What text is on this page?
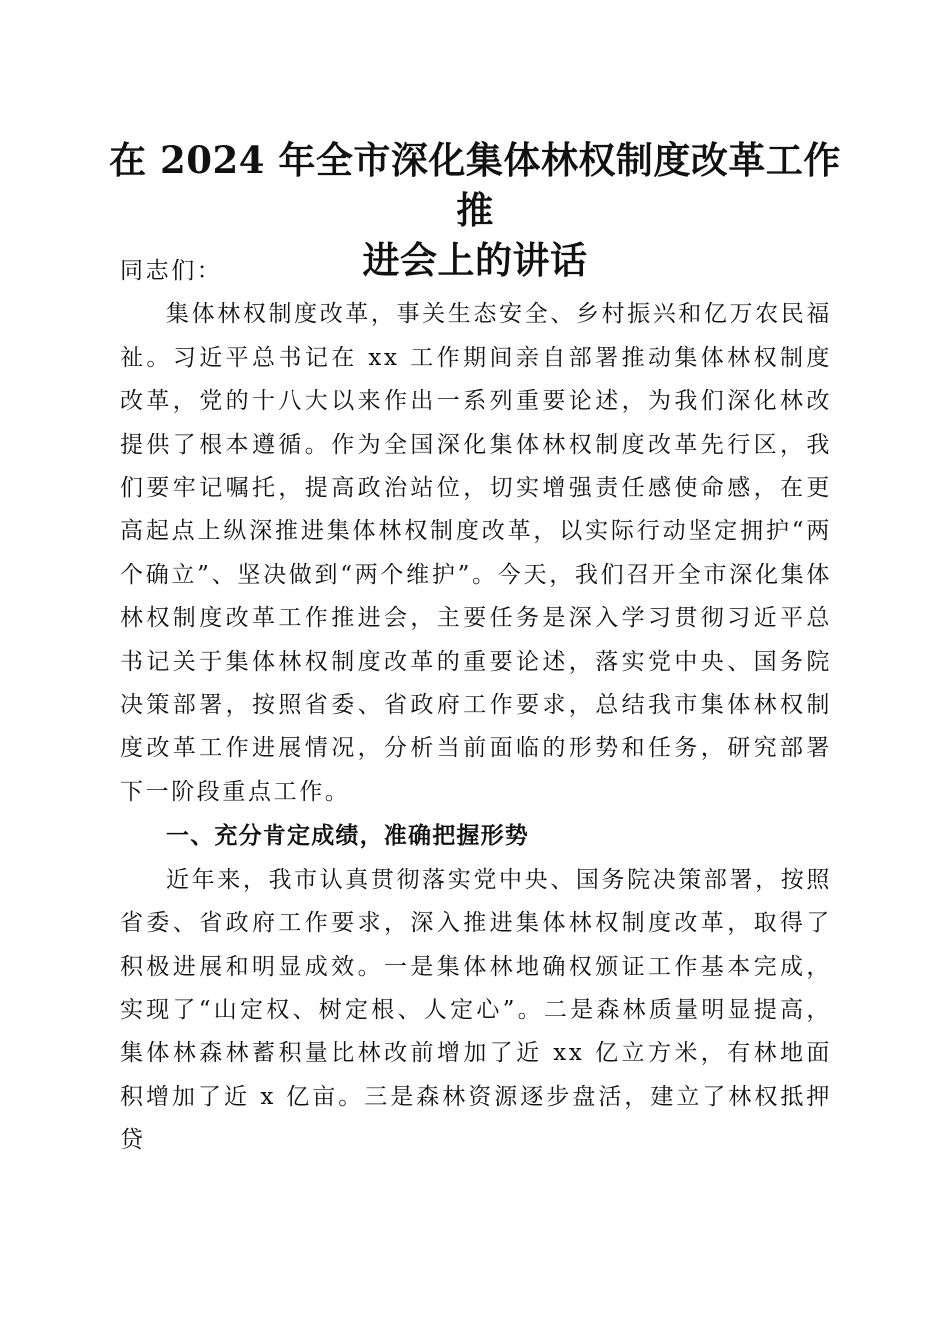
在 2024 年全市深化集体林权制度改革工作推
进会上的讲话

同志们：

集体林权制度改革，事关生态安全、乡村振兴和亿万农民福祉。习近平总书记在 xx 工作期间亲自部署推动集体林权制度改革，党的十八大以来作出一系列重要论述，为我们深化林改提供了根本遵循。作为全国深化集体林权制度改革先行区，我们要牢记嘱托，提高政治站位，切实增强责任感使命感，在更高起点上纵深推进集体林权制度改革，以实际行动坚定拥护“两个确立”、坚决做到“两个维护”。今天，我们召开全市深化集体林权制度改革工作推进会，主要任务是深入学习贯彻习近平总书记关于集体林权制度改革的重要论述，落实党中央、国务院决策部署，按照省委、省政府工作要求，总结我市集体林权制度改革工作进展情况，分析当前面临的形势和任务，研究部署下一阶段重点工作。

一、充分肯定成绩，准确把握形势

近年来，我市认真贯彻落实党中央、国务院决策部署，按照省委、省政府工作要求，深入推进集体林权制度改革，取得了积极进展和明显成效。一是集体林地确权颁证工作基本完成，实现了“山定权、树定根、人定心”。二是森林质量明显提高，集体林森林蓄积量比林改前增加了近 xx 亿立方米，有林地面积增加了近 x 亿亩。三是森林资源逐步盘活，建立了林权抵押贷
